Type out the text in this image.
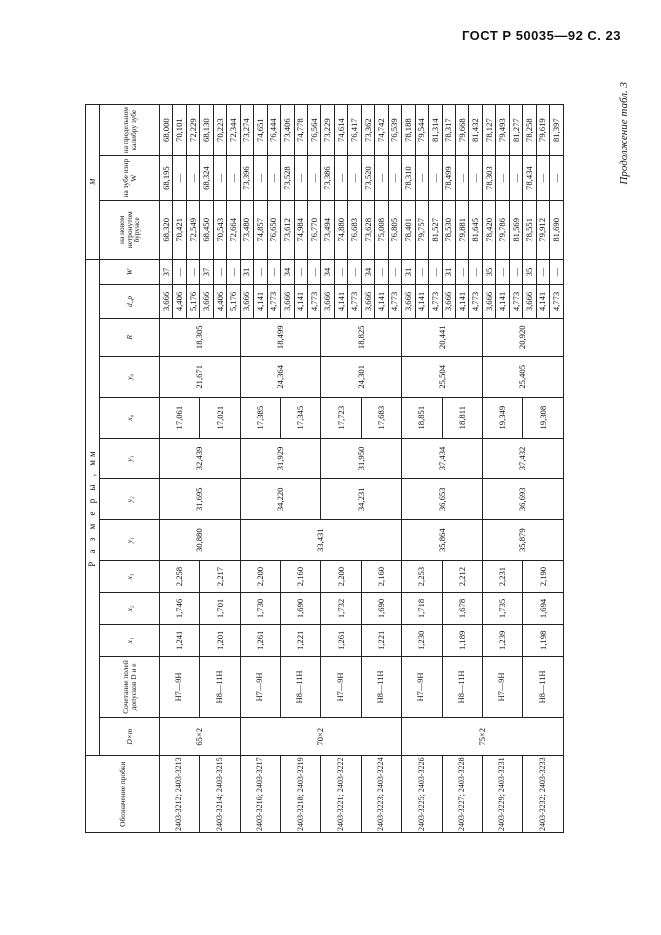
ГОСТ Р 50035—92 С. 23
Продолжение табл. 3
Обозначение пробки	Р а з м е р ы , мм													M		
	D×m	Сочетание полей допусков D и e	x₁	x₂	x₃	y₁	y₂	y₃	x₀	y₀	R	d_p	W	на новом нетронутом бурунсе	на зубе изнр W	на предельном калибру зубе

2403-3212; 2403-3213	65×2	H7—9H	1,241	1,746	2,258	30,880	31,695	32,439	17,061	21,671	18,305	3,666	37	68,320	68,195	68,000
												4,406	—	70,421	—	70,101
												5,176	—	72,549	—	72,229
2403-3214; 2403-3215		H8—11H	1,201	1,701	2,217				17,021			3,666	37	68,450	68,324	68,130
												4,406	—	70,543	—	70,223
												5,176	—	72,664	—	72,344
2403-3216; 2403-3217	70×2	H7—9H	1,261	1,730	2,200	33,431	34,220	31,929	17,385	24,364	18,499	3,666	31	73,480	73,396	73,274
												4,141	—	74,857	—	74,651
												4,773	—	76,650	—	76,444
2403-3218; 2403-3219		H8—11H	1,221	1,690	2,160				17,345			3,666	34	73,612	73,528	73,406
												4,141	—	74,984	—	74,778
												4,773	—	76,770	—	76,564
2403-3221; 2403-3222		H7—9H	1,261	1,732	2,200		34,231	31,950	17,723	24,301	18,825	3,666	34	73,494	73,386	73,229
												4,141	—	74,880	—	74,614
												4,773	—	76,683	—	76,417
2403-3223; 2403-3224		H8—11H	1,221	1,690	2,160				17,683			3,666	34	73,628	73,520	73,362
												4,141	—	75,008	—	74,742
												4,773	—	76,805	—	76,539
2403-3225; 2403-3226	75×2	H7—9H	1,230	1,718	2,253	35,864	36,653	37,434	18,851	25,504	20,441	3,666	31	78,401	78,310	78,188
												4,141	—	79,757	—	79,544
												4,773	—	81,527	—	81,314
2403-3227; 2403-3228		H8—11H	1,189	1,678	2,212				18,811			3,666	31	78,530	78,499	78,317
												4,141	—	79,881	—	79,668
												4,773	—	81,645	—	81,432
2403-3229; 2403-3231		H7—9H	1,239	1,735	2,231	35,879	36,693	37,432	19,349	25,405	20,920	3,666	35	78,420	78,303	78,127
												4,141	—	79,786	—	79,493
												4,773	—	81,569	—	81,277
2403-3232; 2403-3233		H8—11H	1,198	1,694	2,190				19,308			3,666	35	78,551	78,434	78,258
												4,141	—	79,912	—	79,619
												4,773	—	81,690	—	81,397
